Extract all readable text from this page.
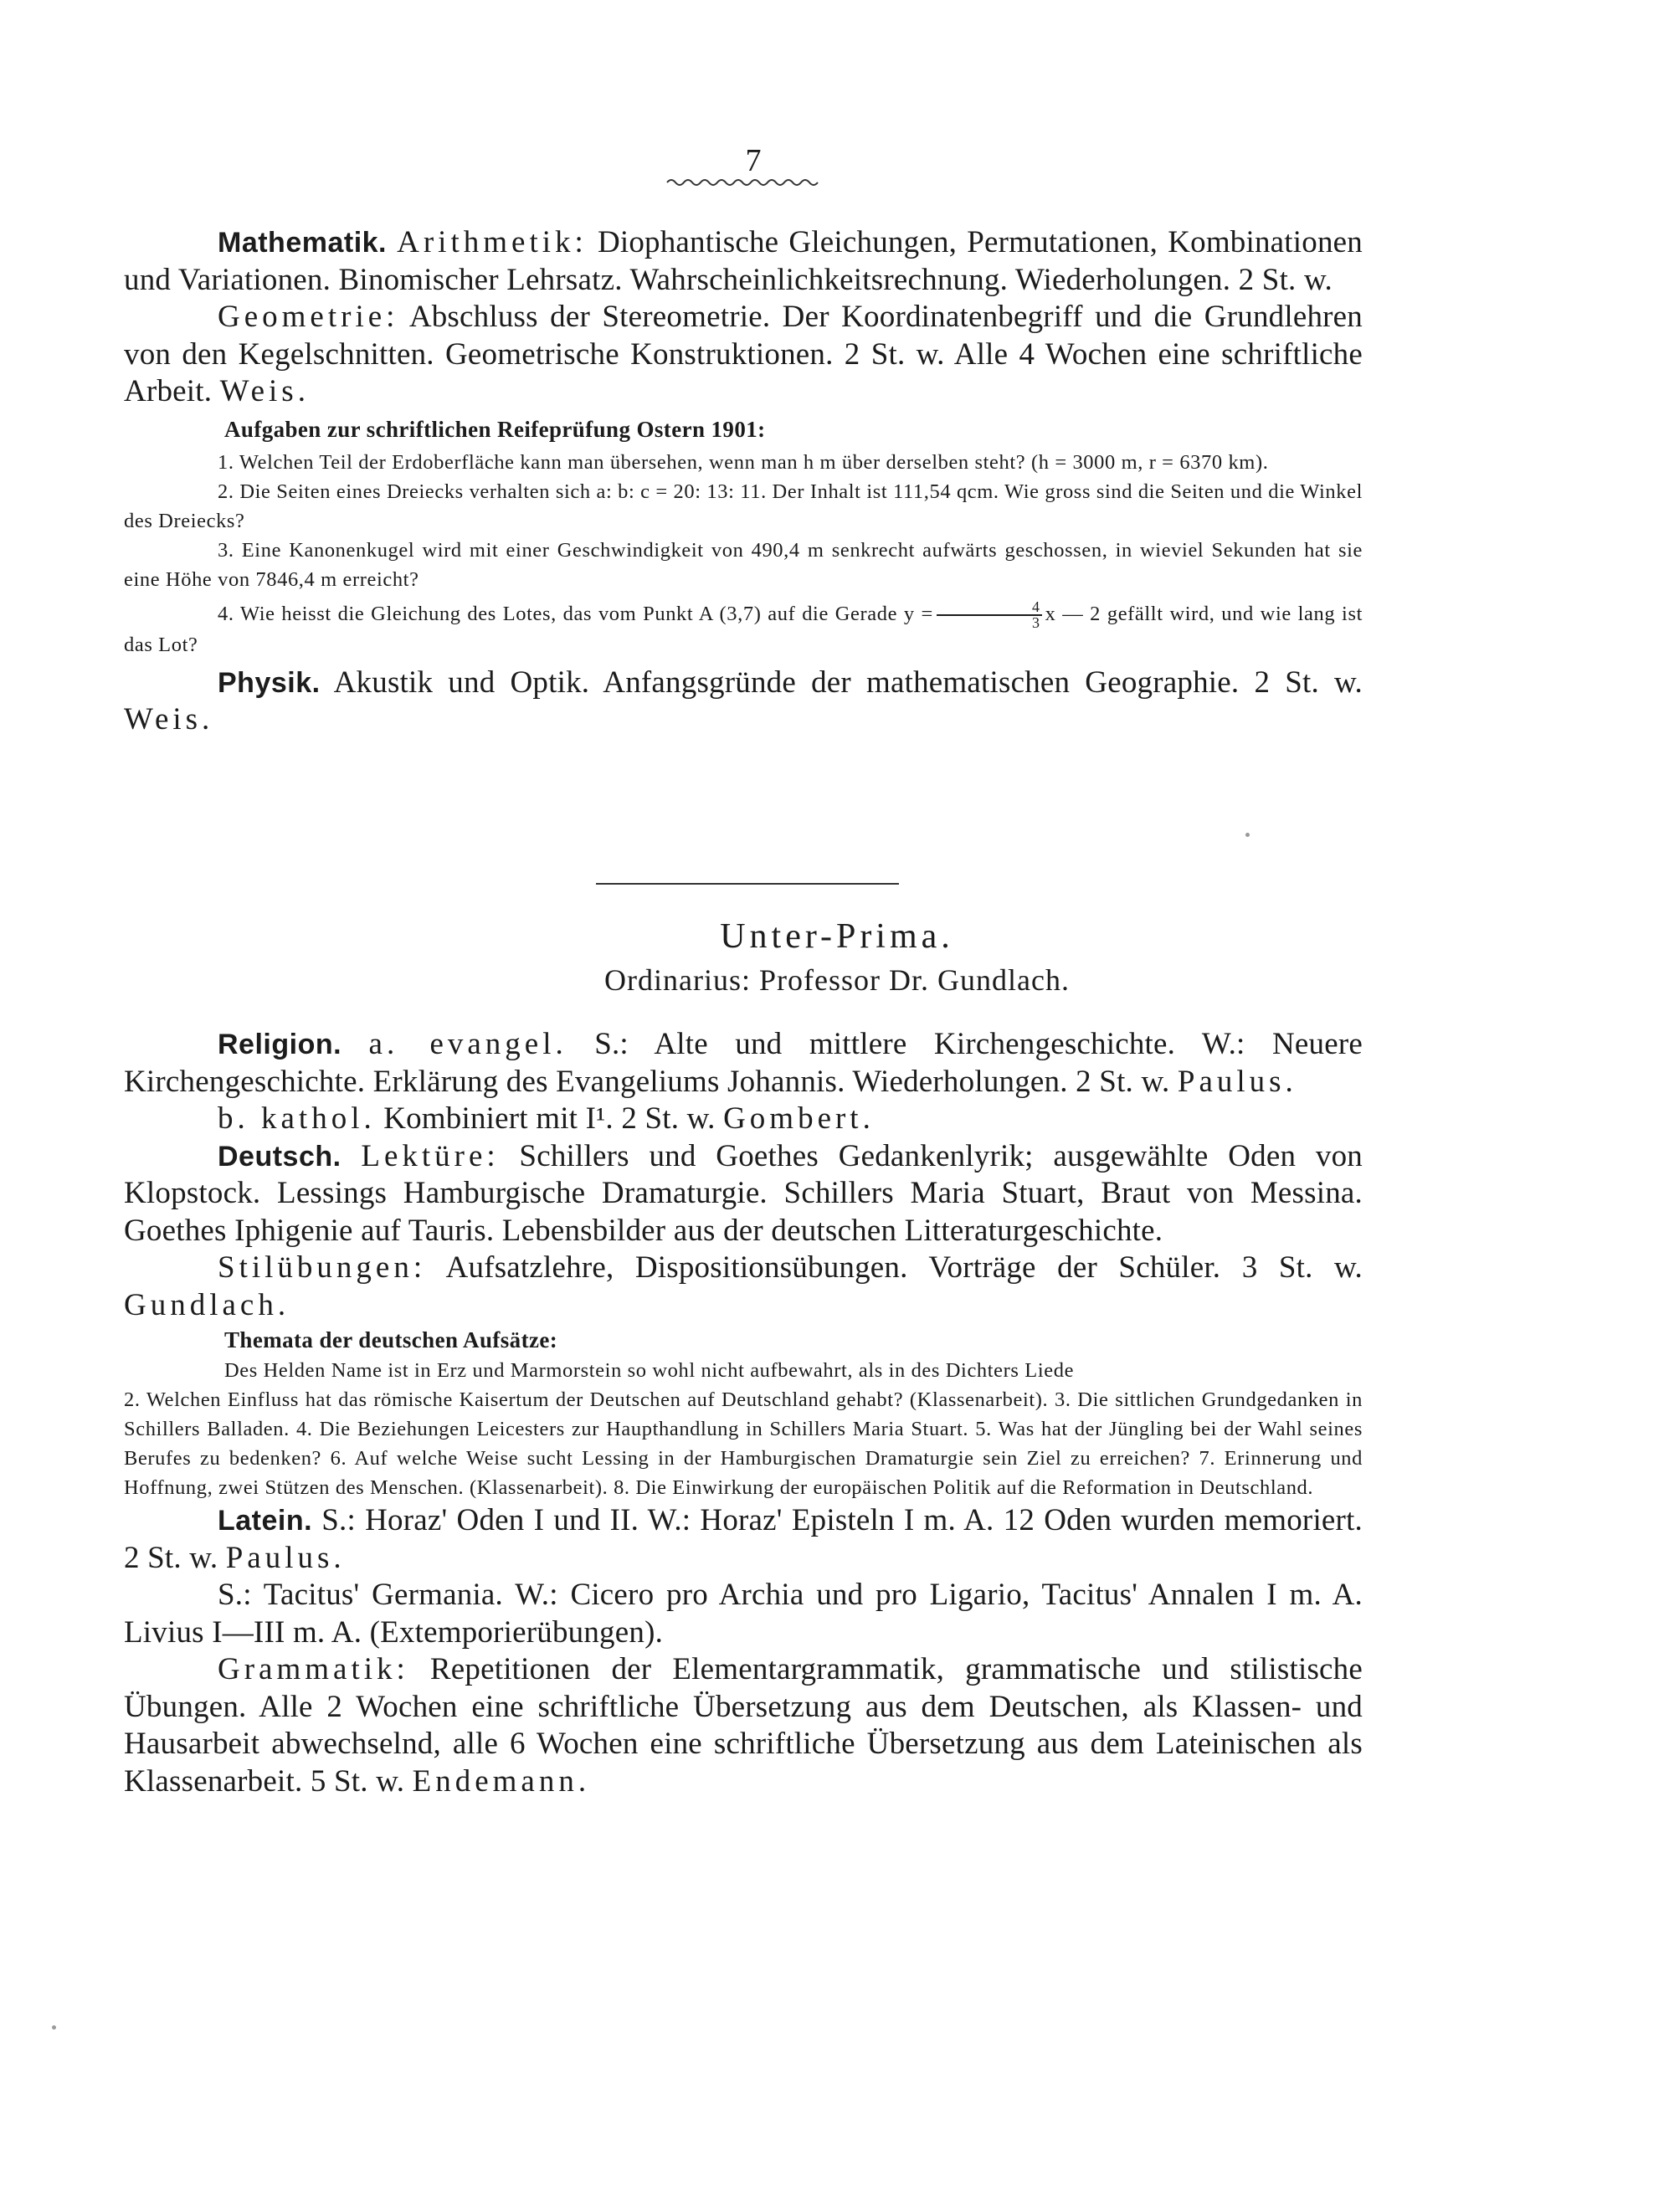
7

Mathematik. Arithmetik: Diophantische Gleichungen, Permutationen, Kombinationen und Variationen. Binomischer Lehrsatz. Wahrscheinlichkeitsrechnung. Wiederholungen. 2 St. w.

Geometrie: Abschluss der Stereometrie. Der Koordinatenbegriff und die Grundlehren von den Kegelschnitten. Geometrische Konstruktionen. 2 St. w. Alle 4 Wochen eine schriftliche Arbeit. Weis.

Aufgaben zur schriftlichen Reifeprüfung Ostern 1901:

1. Welchen Teil der Erdoberfläche kann man übersehen, wenn man h m über derselben steht? (h = 3000 m, r = 6370 km).

2. Die Seiten eines Dreiecks verhalten sich a: b: c = 20: 13: 11. Der Inhalt ist 111,54 qcm. Wie gross sind die Seiten und die Winkel des Dreiecks?

3. Eine Kanonenkugel wird mit einer Geschwindigkeit von 490,4 m senkrecht aufwärts geschossen, in wieviel Sekunden hat sie eine Höhe von 7846,4 m erreicht?

4. Wie heisst die Gleichung des Lotes, das vom Punkt A (3,7) auf die Gerade $y = \frac{4}{3}$ x — 2 gefällt wird, und wie lang ist das Lot?

Physik. Akustik und Optik. Anfangsgründe der mathematischen Geographie. 2 St. w. Weis.

Unter-Prima.
Ordinarius: Professor Dr. Gundlach.

Religion. a. evangel. S.: Alte und mittlere Kirchengeschichte. W.: Neuere Kirchengeschichte. Erklärung des Evangeliums Johannis. Wiederholungen. 2 St. w. Paulus.

b. kathol. Kombiniert mit I¹. 2 St. w. Gombert.

Deutsch. Lektüre: Schillers und Goethes Gedankenlyrik; ausgewählte Oden von Klopstock. Lessings Hamburgische Dramaturgie. Schillers Maria Stuart, Braut von Messina. Goethes Iphigenie auf Tauris. Lebensbilder aus der deutschen Litteraturgeschichte.

Stilübungen: Aufsatzlehre, Dispositionsübungen. Vorträge der Schüler. 3 St. w. Gundlach.

Themata der deutschen Aufsätze:

Des Helden Name ist in Erz und Marmorstein so wohl nicht aufbewahrt, als in des Dichters Liede

2. Welchen Einfluss hat das römische Kaisertum der Deutschen auf Deutschland gehabt? (Klassenarbeit). 3. Die sittlichen Grundgedanken in Schillers Balladen. 4. Die Beziehungen Leicesters zur Haupthandlung in Schillers Maria Stuart. 5. Was hat der Jüngling bei der Wahl seines Berufes zu bedenken? 6. Auf welche Weise sucht Lessing in der Hamburgischen Dramaturgie sein Ziel zu erreichen? 7. Erinnerung und Hoffnung, zwei Stützen des Menschen. (Klassenarbeit). 8. Die Einwirkung der europäischen Politik auf die Reformation in Deutschland.

Latein. S.: Horaz' Oden I und II. W.: Horaz' Episteln I m. A. 12 Oden wurden memoriert. 2 St. w. Paulus.

S.: Tacitus' Germania. W.: Cicero pro Archia und pro Ligario, Tacitus' Annalen I m. A. Livius I—III m. A. (Extemporierübungen).

Grammatik: Repetitionen der Elementargrammatik, grammatische und stilistische Übungen. Alle 2 Wochen eine schriftliche Übersetzung aus dem Deutschen, als Klassen- und Hausarbeit abwechselnd, alle 6 Wochen eine schriftliche Übersetzung aus dem Lateinischen als Klassenarbeit. 5 St. w. Endemann.
